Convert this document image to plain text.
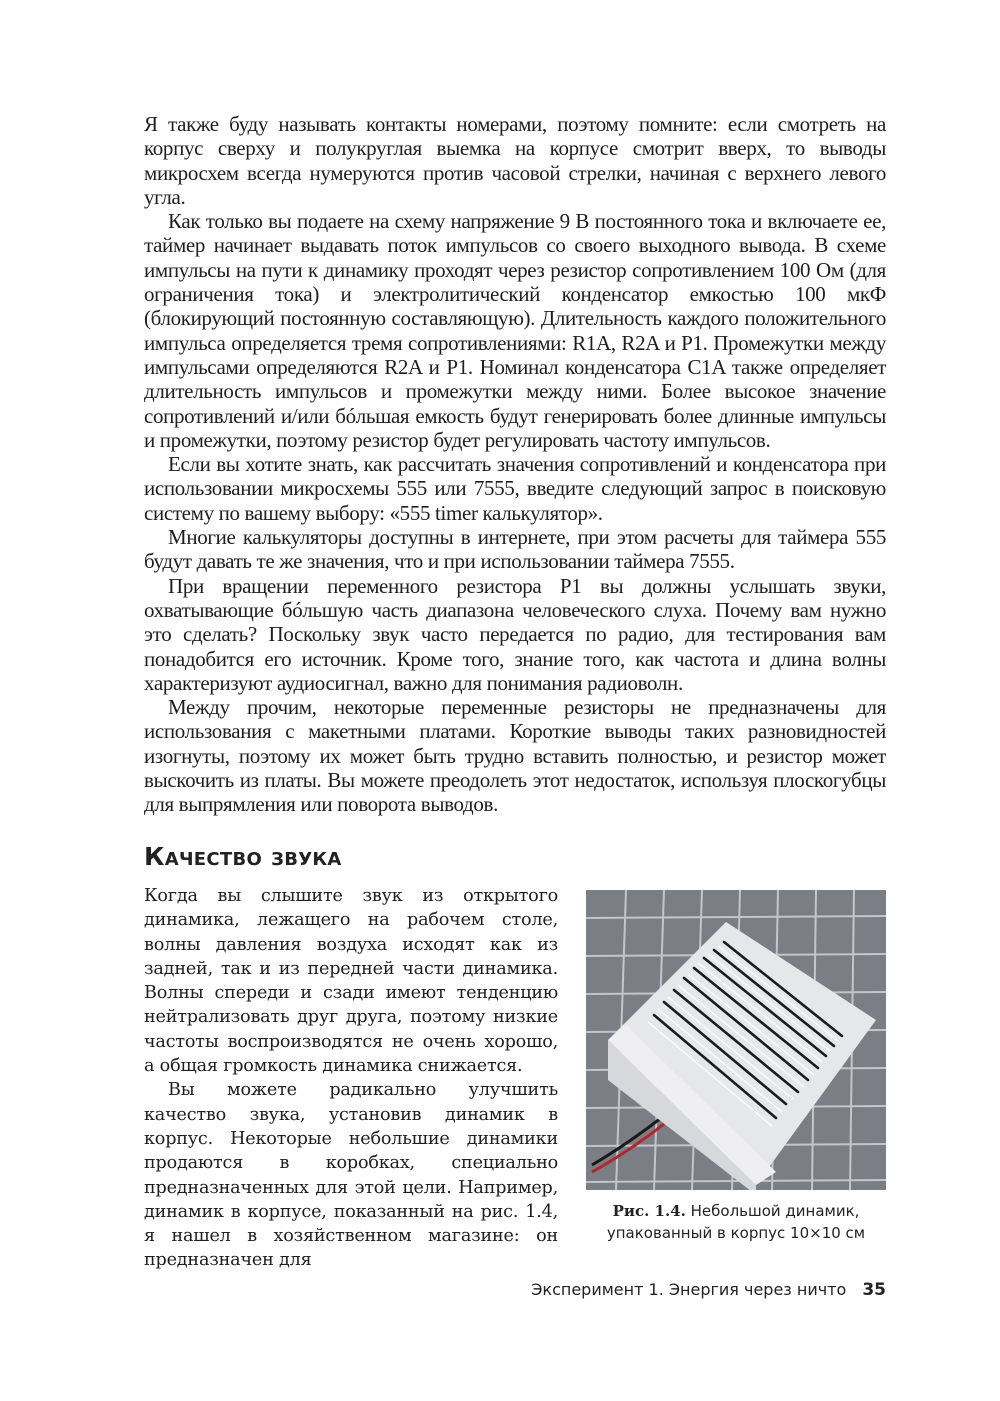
Я также буду называть контакты номерами, поэтому помните: если смотреть на корпус сверху и полукруглая выемка на корпусе смотрит вверх, то выводы микросхем всегда нумеруются против часовой стрелки, начиная с верхнего левого угла.

Как только вы подаете на схему напряжение 9 В постоянного тока и включаете ее, таймер начинает выдавать поток импульсов со своего выходного вывода. В схеме импульсы на пути к динамику проходят через резистор сопротивлением 100 Ом (для ограничения тока) и электролитический конденсатор емкостью 100 мкФ (блокирующий постоянную составляющую). Длительность каждого положительного импульса определяется тремя сопротивлениями: R1A, R2A и P1. Промежутки между импульсами определяются R2A и P1. Номинал конденсатора C1A также определяет длительность импульсов и промежутки между ними. Более высокое значение сопротивлений и/или бóльшая емкость будут генерировать более длинные импульсы и промежутки, поэтому резистор будет регулировать частоту импульсов.

Если вы хотите знать, как рассчитать значения сопротивлений и конденсатора при использовании микросхемы 555 или 7555, введите следующий запрос в поисковую систему по вашему выбору: «555 timer калькулятор».

Многие калькуляторы доступны в интернете, при этом расчеты для таймера 555 будут давать те же значения, что и при использовании таймера 7555.

При вращении переменного резистора P1 вы должны услышать звуки, охватывающие бóльшую часть диапазона человеческого слуха. Почему вам нужно это сделать? Поскольку звук часто передается по радио, для тестирования вам понадобится его источник. Кроме того, знание того, как частота и длина волны характеризуют аудиосигнал, важно для понимания радиоволн.

Между прочим, некоторые переменные резисторы не предназначены для использования с макетными платами. Короткие выводы таких разновидностей изогнуты, поэтому их может быть трудно вставить полностью, и резистор может выскочить из платы. Вы можете преодолеть этот недостаток, используя плоскогубцы для выпрямления или поворота выводов.

Качество звука

Когда вы слышите звук из открытого динамика, лежащего на рабочем столе, волны давления воздуха исходят как из задней, так и из передней части динамика. Волны спереди и сзади имеют тенденцию нейтрализовать друг друга, поэтому низкие частоты воспроизводятся не очень хорошо, а общая громкость динамика снижается.

Вы можете радикально улучшить качество звука, установив динамик в корпус. Некоторые небольшие динамики продаются в коробках, специально предназначенных для этой цели. Например, динамик в корпусе, показанный на рис. 1.4, я нашел в хозяйственном магазине: он предназначен для

Рис. 1.4. Небольшой динамик, упакованный в корпус 10×10 см
Эксперимент 1. Энергия через ничто 35
